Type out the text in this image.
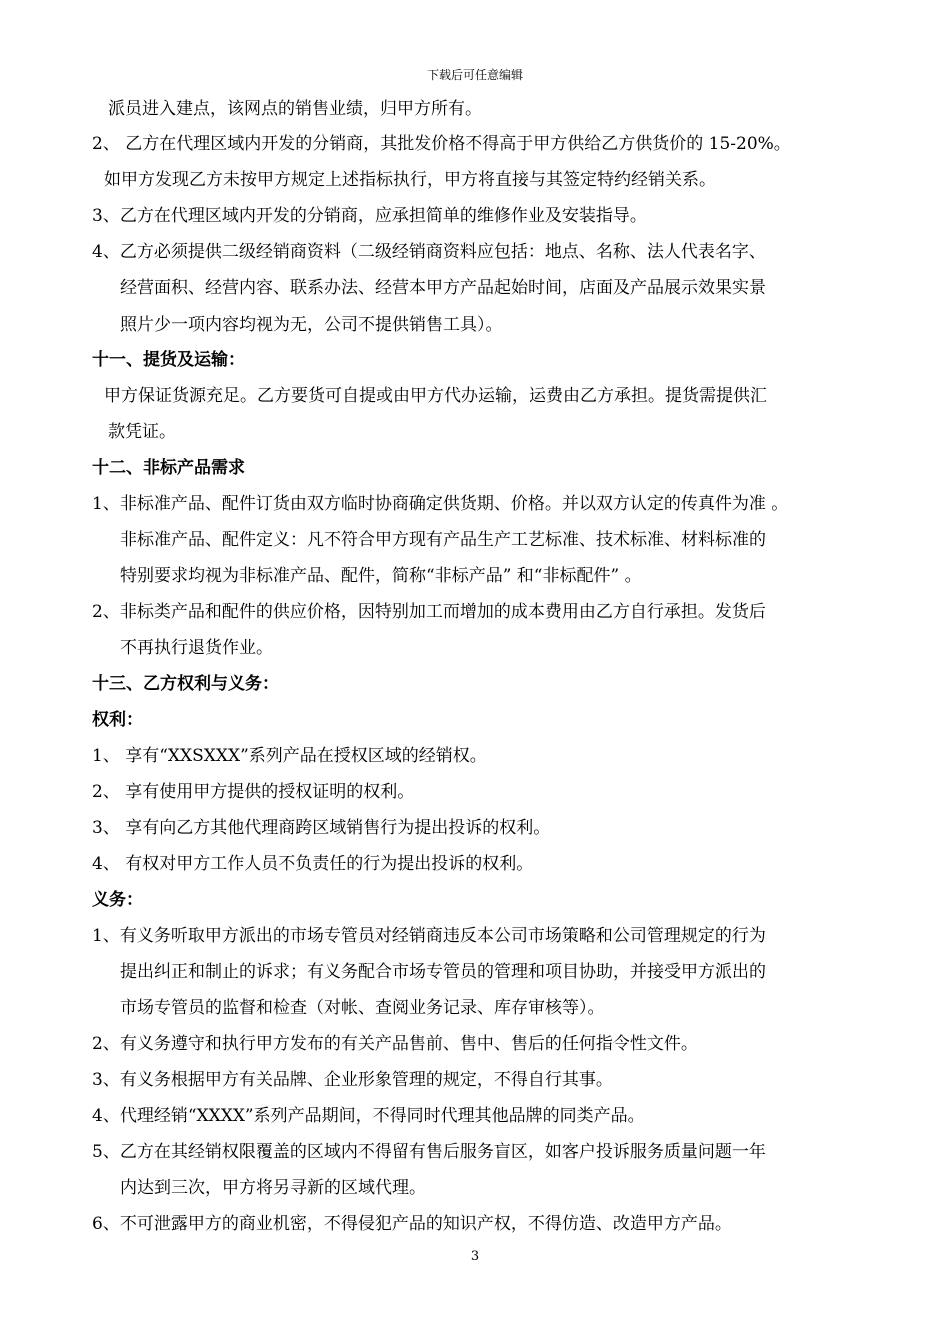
下载后可任意编辑
派员进入建点，该网点的销售业绩，归甲方所有。
2、 乙方在代理区域内开发的分销商，其批发价格不得高于甲方供给乙方供货价的 15-20%。
如甲方发现乙方未按甲方规定上述指标执行，甲方将直接与其签定特约经销关系。
3、乙方在代理区域内开发的分销商，应承担简单的维修作业及安装指导。
4、乙方必须提供二级经销商资料（二级经销商资料应包括：地点、名称、法人代表名字、
经营面积、经营内容、联系办法、经营本甲方产品起始时间，店面及产品展示效果实景
照片少一项内容均视为无，公司不提供销售工具）。
十一、提货及运输：
甲方保证货源充足。乙方要货可自提或由甲方代办运输，运费由乙方承担。提货需提供汇
款凭证。
十二、非标产品需求
1、非标准产品、配件订货由双方临时协商确定供货期、价格。并以双方认定的传真件为准 。
非标准产品、配件定义：凡不符合甲方现有产品生产工艺标准、技术标准、材料标准的
特别要求均视为非标准产品、配件，简称“非标产品” 和“非标配件” 。
2、非标类产品和配件的供应价格，因特别加工而增加的成本费用由乙方自行承担。发货后
不再执行退货作业。
十三、乙方权利与义务：
权利：
1、 享有“XXSXXX”系列产品在授权区域的经销权。
2、 享有使用甲方提供的授权证明的权利。
3、 享有向乙方其他代理商跨区域销售行为提出投诉的权利。
4、 有权对甲方工作人员不负责任的行为提出投诉的权利。
义务：
1、有义务听取甲方派出的市场专管员对经销商违反本公司市场策略和公司管理规定的行为
提出纠正和制止的诉求；有义务配合市场专管员的管理和项目协助，并接受甲方派出的
市场专管员的监督和检查（对帐、查阅业务记录、库存审核等）。
2、有义务遵守和执行甲方发布的有关产品售前、售中、售后的任何指令性文件。
3、有义务根据甲方有关品牌、企业形象管理的规定，不得自行其事。
4、代理经销“XXXX”系列产品期间，不得同时代理其他品牌的同类产品。
5、乙方在其经销权限覆盖的区域内不得留有售后服务盲区，如客户投诉服务质量问题一年
内达到三次，甲方将另寻新的区域代理。
6、不可泄露甲方的商业机密，不得侵犯产品的知识产权，不得仿造、改造甲方产品。
3
